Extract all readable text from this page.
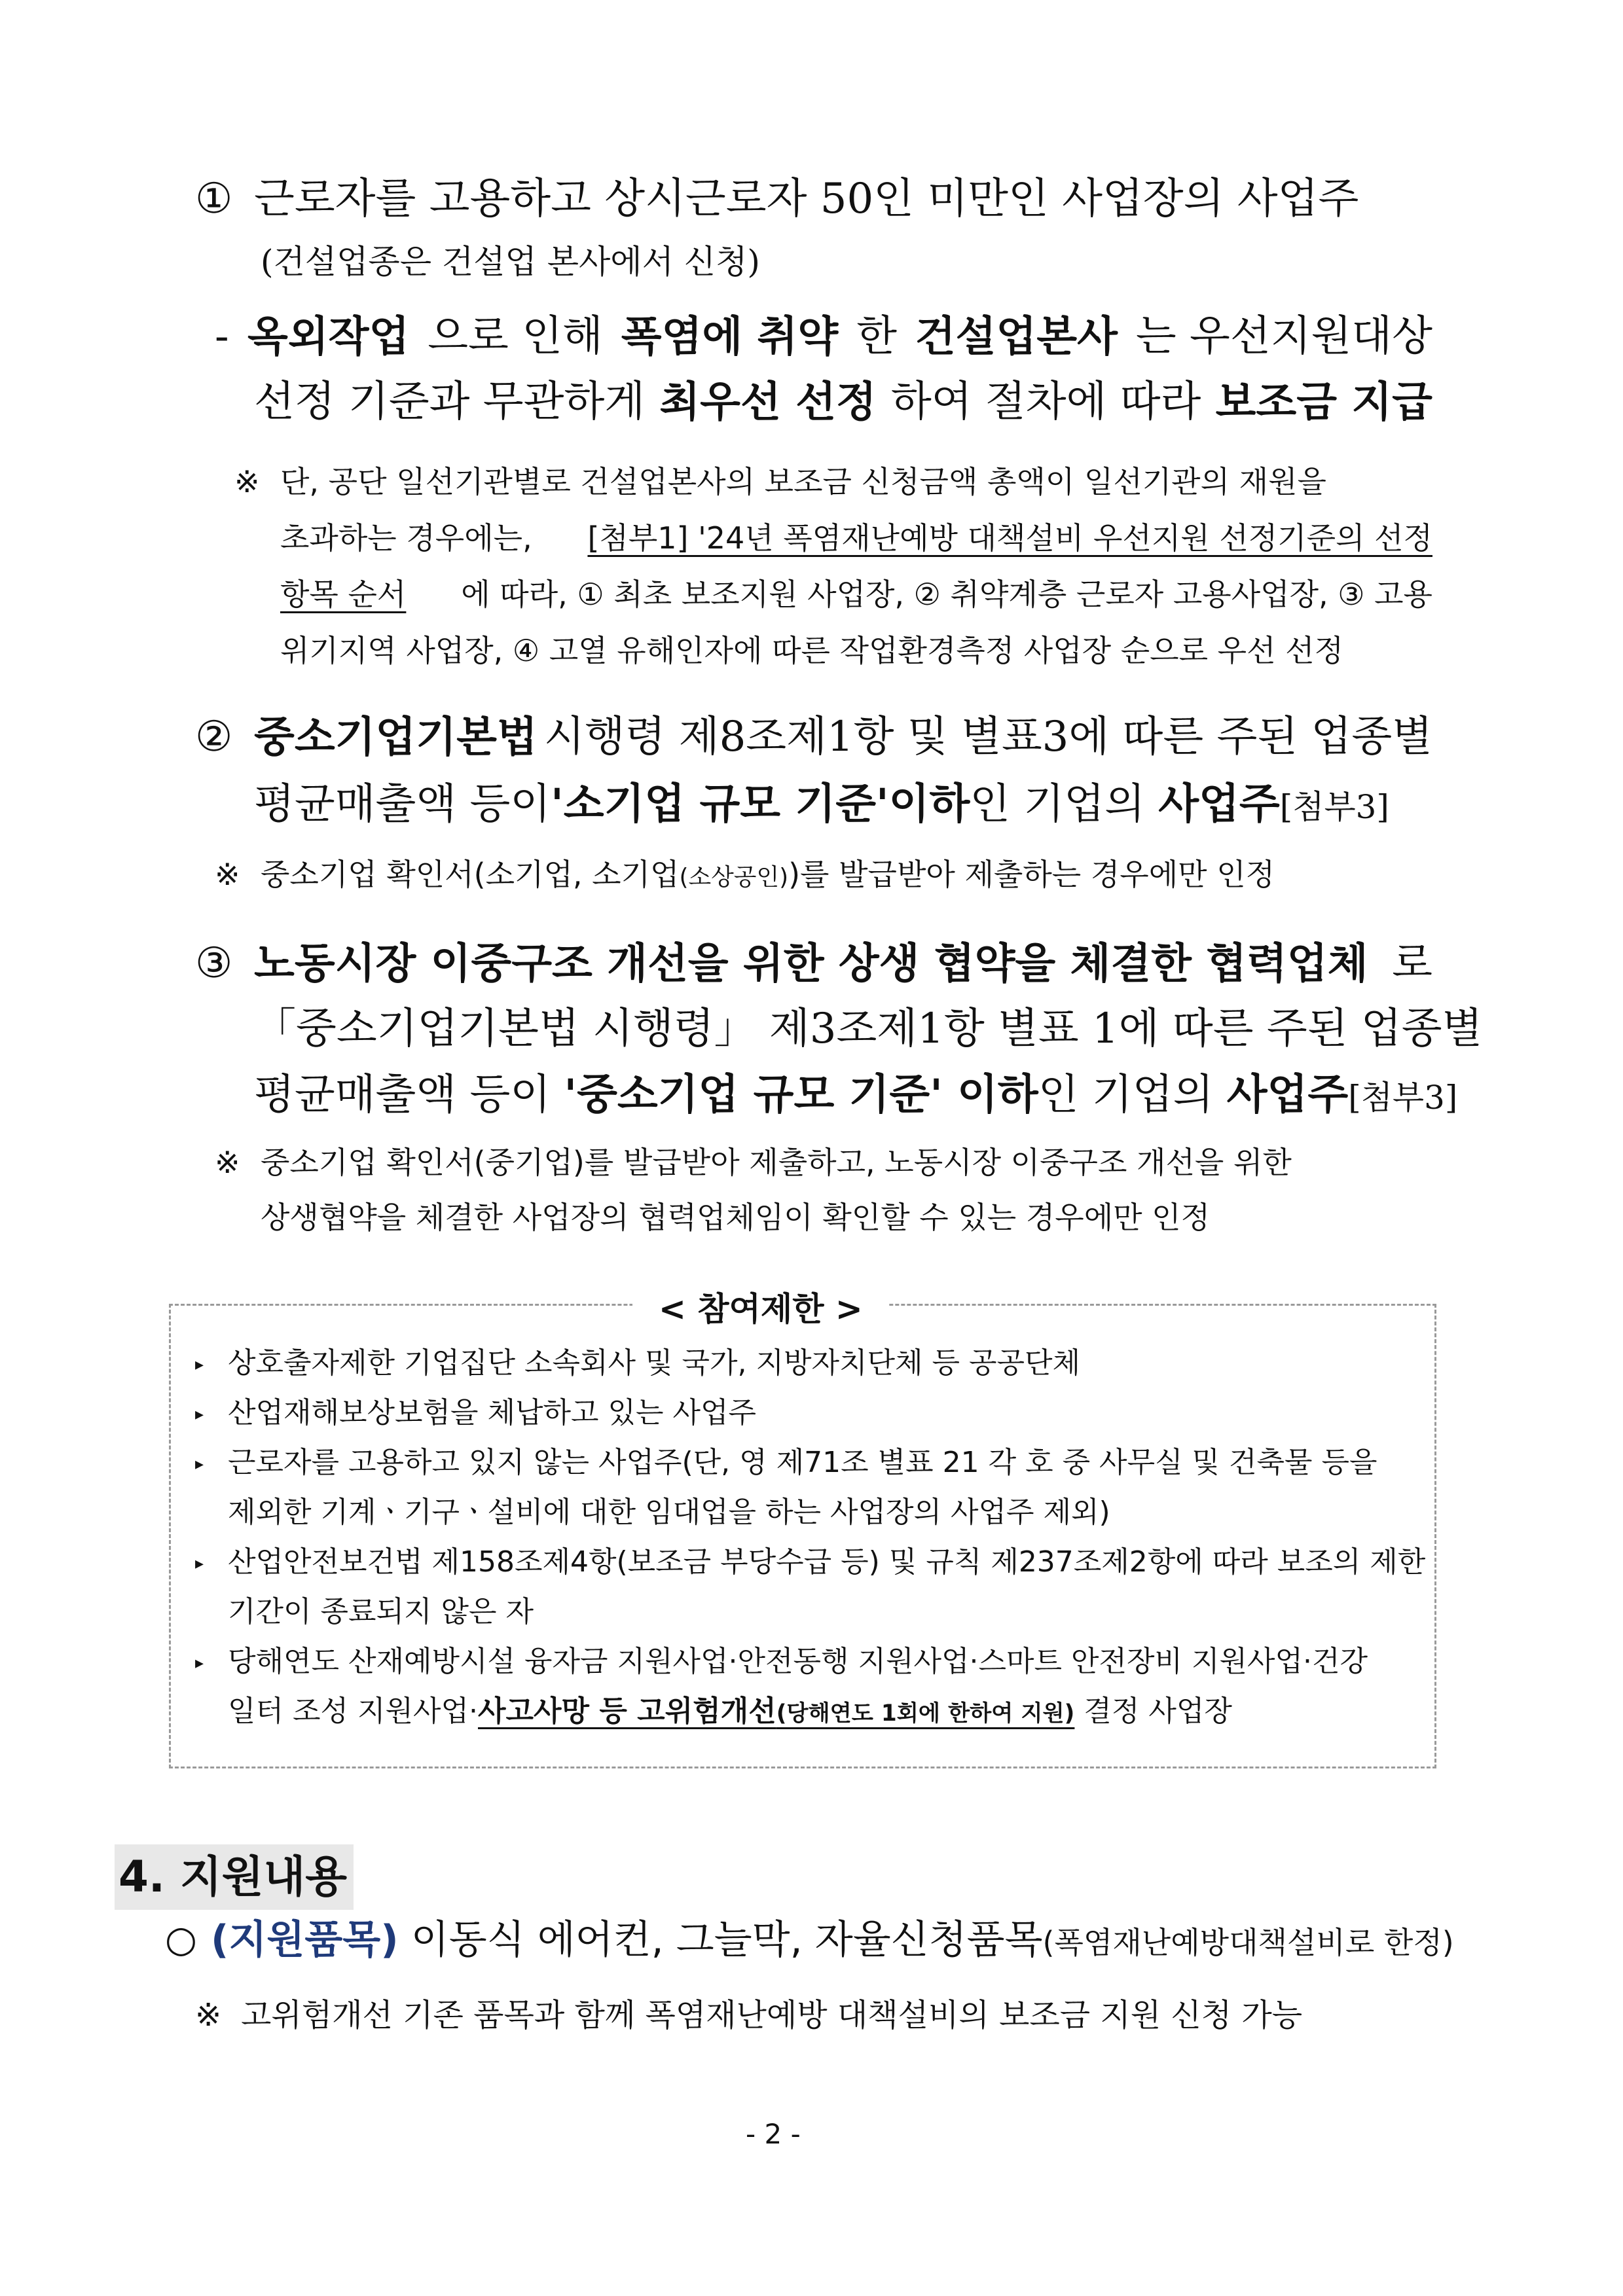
① 근로자를 고용하고 상시근로자 50인 미만인 사업장의 사업주
(건설업종은 건설업 본사에서 신청)
- 옥외작업 으로 인해 폭염에 취약 한 건설업본사 는 우선지원대상
선정 기준과 무관하게 최우선 선정 하여 절차에 따라 보조금 지급
※ 단, 공단 일선기관별로 건설업본사의 보조금 신청금액 총액이 일선기관의 재원을
초과하는 경우에는, [첨부1] '24년 폭염재난예방 대책설비 우선지원 선정기준의 선정
항목 순서 에 따라, ① 최초 보조지원 사업장, ② 취약계층 근로자 고용사업장, ③ 고용
위기지역 사업장, ④ 고열 유해인자에 따른 작업환경측정 사업장 순으로 우선 선정
② 중소기업기본법 시행령 제8조제1항 및 별표3에 따른 주된 업종별
평균매출액 등이'소기업 규모 기준'이하인 기업의 사업주[첨부3]
※ 중소기업 확인서(소기업, 소기업(소상공인))를 발급받아 제출하는 경우에만 인정
③ 노동시장 이중구조 개선을 위한 상생 협약을 체결한 협력업체 로
「중소기업기본법 시행령」 제3조제1항 별표 1에 따른 주된 업종별
평균매출액 등이 '중소기업 규모 기준' 이하인 기업의 사업주[첨부3]
※ 중소기업 확인서(중기업)를 발급받아 제출하고, 노동시장 이중구조 개선을 위한
상생협약을 체결한 사업장의 협력업체임이 확인할 수 있는 경우에만 인정
< 참여제한 >
▸ 상호출자제한 기업집단 소속회사 및 국가, 지방자치단체 등 공공단체
▸ 산업재해보상보험을 체납하고 있는 사업주
▸ 근로자를 고용하고 있지 않는 사업주(단, 영 제71조 별표 21 각 호 중 사무실 및 건축물 등을
제외한 기계ㆍ기구ㆍ설비에 대한 임대업을 하는 사업장의 사업주 제외)
▸ 산업안전보건법 제158조제4항(보조금 부당수급 등) 및 규칙 제237조제2항에 따라 보조의 제한
기간이 종료되지 않은 자
▸ 당해연도 산재예방시설 융자금 지원사업·안전동행 지원사업·스마트 안전장비 지원사업·건강
일터 조성 지원사업·사고사망 등 고위험개선(당해연도 1회에 한하여 지원) 결정 사업장
4. 지원내용
○ (지원품목) 이동식 에어컨, 그늘막, 자율신청품목(폭염재난예방대책설비로 한정)
※ 고위험개선 기존 품목과 함께 폭염재난예방 대책설비의 보조금 지원 신청 가능
- 2 -
